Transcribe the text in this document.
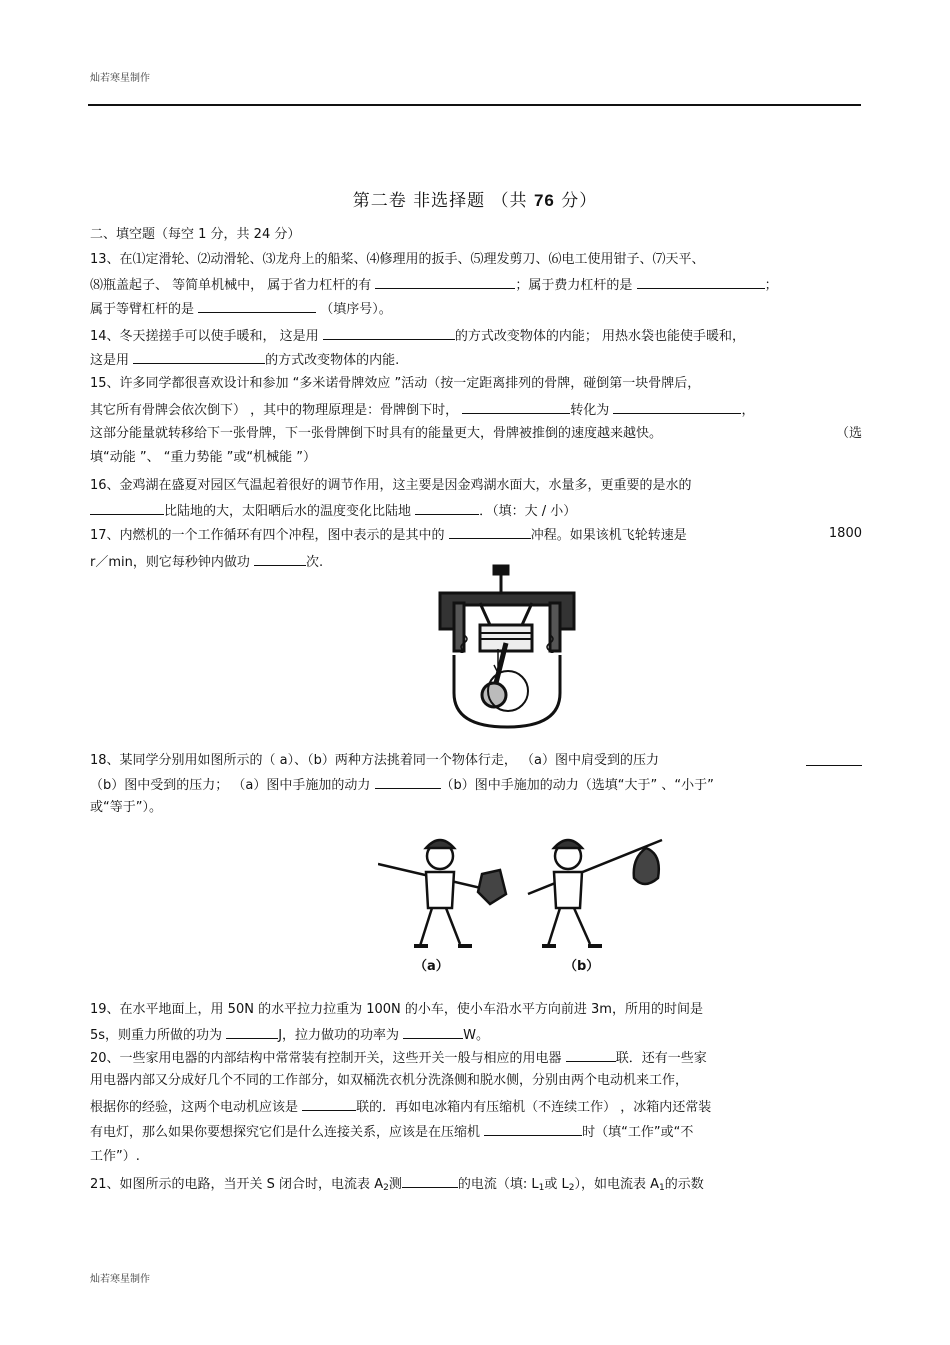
灿若寒星制作
第二卷 非选择题 （共 76 分）
二、填空题（每空 1 分，共 24 分）
13、在⑴定滑轮、⑵动滑轮、⑶龙舟上的船桨、⑷修理用的扳手、⑸理发剪刀、⑹电工使用钳子、⑺天平、
⑻瓶盖起子、 等简单机械中， 属于省力杠杆的有	；属于费力杠杆的是	；
属于等臂杠杆的是	（填序号）。
14、冬天搓搓手可以使手暖和， 这是用	的方式改变物体的内能； 用热水袋也能使手暖和，
这是用	的方式改变物体的内能.
15、许多同学都很喜欢设计和参加 “多米诺骨牌效应 ”活动（按一定距离排列的骨牌，碰倒第一块骨牌后，
其它所有骨牌会依次倒下） ，其中的物理原理是：骨牌倒下时，	转化为	，
这部分能量就转移给下一张骨牌，下一张骨牌倒下时具有的能量更大，骨牌被推倒的速度越来越快。	（选
填“动能 ”、 “重力势能 ”或“机械能 ”）
16、金鸡湖在盛夏对园区气温起着很好的调节作用，这主要是因金鸡湖水面大，水量多，更重要的是水的
比陆地的大，太阳晒后水的温度变化比陆地	．（填：大 / 小）
17、内燃机的一个工作循环有四个冲程，图中表示的是其中的	冲程。如果该机飞轮转速是	1800
r／min，则它每秒钟内做功	次.
18、某同学分别用如图所示的（ a）、（b）两种方法挑着同一个物体行走， （a）图中肩受到的压力
（b）图中受到的压力； （a）图中手施加的动力	（b）图中手施加的动力（选填“大于” 、“小于”
或“等于”）。
（a）	（b）
19、在水平地面上，用 50N 的水平拉力拉重为 100N 的小车，使小车沿水平方向前进 3m，所用的时间是
5s，则重力所做的功为	J，拉力做功的功率为	W。
20、一些家用电器的内部结构中常常装有控制开关，这些开关一般与相应的用电器	联．还有一些家
用电器内部又分成好几个不同的工作部分，如双桶洗衣机分洗涤侧和脱水侧，分别由两个电动机来工作，
根据你的经验，这两个电动机应该是	联的．再如电冰箱内有压缩机（不连续工作） ，冰箱内还常装
有电灯，那么如果你要想探究它们是什么连接关系，应该是在压缩机	时（填“工作”或“不
工作”）.
21、如图所示的电路，当开关 S 闭合时，电流表 $A_2$测	的电流（填: $L_1$或 $L_2$），如电流表 $A_1$的示数
灿若寒星制作
